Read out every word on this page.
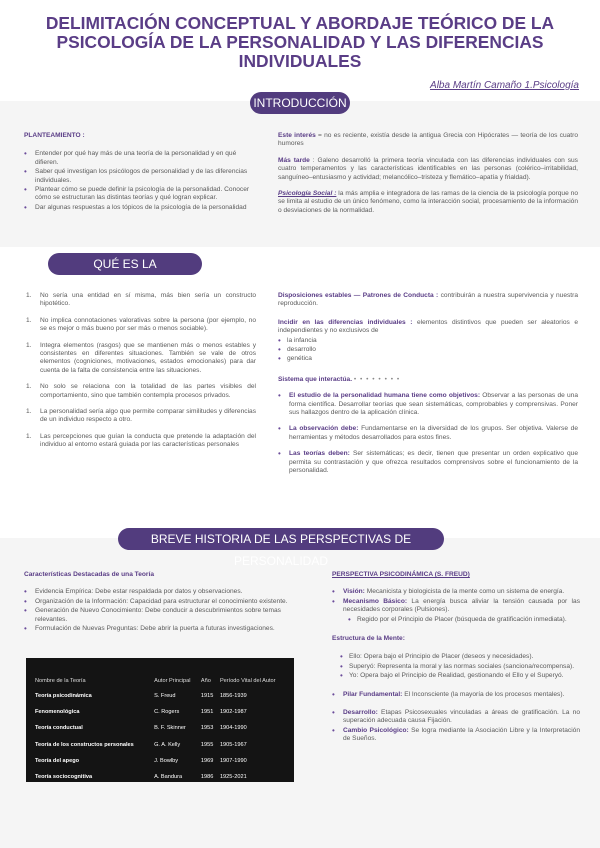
DELIMITACIÓN CONCEPTUAL Y ABORDAJE TEÓRICO DE LA PSICOLOGÍA DE LA PERSONALIDAD Y LAS DIFERENCIAS INDIVIDUALES
Alba Martín Camaño 1.Psicología
INTRODUCCIÓN
PLANTEAMIENTO :
• Entender por qué hay más de una teoría de la personalidad y en qué difieren.
• Saber qué investigan los psicólogos de personalidad y de las diferencias individuales.
• Plantear cómo se puede definir la psicología de la personalidad. Conocer cómo se estructuran las distintas teorías y qué logran explicar.
• Dar algunas respuestas a los tópicos de la psicología de la personalidad

Este interés = no es reciente, existía desde la antigua Grecia con Hipócrates — teoría de los cuatro humores

Más tarde : Galeno desarrolló la primera teoría vinculada con las diferencias individuales con sus cuatro temperamentos y las características identificables en las personas (colérico–irritabilidad, sanguíneo–entusiasmo y actividad; melancólico–tristeza y flemático–apatía y frialdad).

Psicología Social : la más amplia e integradora de las ramas de la ciencia de la psicología porque no se limita al estudio de un único fenómeno, como la interacción social, procesamiento de la información o desviaciones de la normalidad.

QUÉ ES LA PERSONALIDAD
1. No sería una entidad en sí misma, más bien sería un constructo hipotético.
1. No implica connotaciones valorativas sobre la persona (por ejemplo, no se es mejor o más bueno por ser más o menos sociable).
1. Integra elementos (rasgos) que se mantienen más o menos estables y consistentes en diferentes situaciones. También se vale de otros elementos (cogniciones, motivaciones, estados emocionales) para dar cuenta de la falta de consistencia entre las situaciones.
1. No solo se relaciona con la totalidad de las partes visibles del comportamiento, sino que también contempla procesos privados.
1. La personalidad sería algo que permite comparar similitudes y diferencias de un individuo respecto a otro.
1. Las percepciones que guían la conducta que pretende la adaptación del individuo al entorno estará guiada por las características personales

Disposiciones estables — Patrones de Conducta : contribuirán a nuestra supervivencia y nuestra reproducción.

Incidir en las diferencias individuales : elementos distintivos que pueden ser aleatorios e independientes y no exclusivos de

• la infancia
• desarrollo
• genética

Sistema que interactúa. • • • • • • • •

• El estudio de la personalidad humana tiene como objetivos: Observar a las personas de una forma científica. Desarrollar teorías que sean sistemáticas, comprobables y comprensivas. Poner sus hallazgos dentro de la aplicación clínica.
• La observación debe: Fundamentarse en la diversidad de los grupos. Ser objetiva. Valerse de herramientas y métodos desarrollados para estos fines.
• Las teorías deben: Ser sistemáticas; es decir, tienen que presentar un orden explicativo que permita su contrastación y que ofrezca resultados comprensivos sobre el funcionamiento de la personalidad.
BREVE HISTORIA DE LAS PERSPECTIVAS DE PERSONALIDAD
Características Destacadas de una Teoría
• Evidencia Empírica: Debe estar respaldada por datos y observaciones.
• Organización de la Información: Capacidad para estructurar el conocimiento existente.
• Generación de Nuevo Conocimiento: Debe conducir a descubrimientos sobre temas relevantes.
• Formulación de Nuevas Preguntas: Debe abrir la puerta a futuras investigaciones.
Nombre de la Teoría	Autor Principal	Año	Período Vital del Autor
Teoría psicodinámica	S. Freud	1915	1856-1939
Fenomenológica	C. Rogers	1951	1902-1987
Teoría conductual	B. F. Skinner	1953	1904-1990
Teoría de los constructos personales	G. A. Kelly	1955	1905-1967
Teoría del apego	J. Bowlby	1969	1907-1990
Teoría sociocognitiva	A. Bandura	1986	1925-2021
PERSPECTIVA PSICODINÁMICA (S. FREUD)
• Visión: Mecanicista y biologicista de la mente como un sistema de energía.
• Mecanismo Básico: La energía busca aliviar la tensión causada por las necesidades corporales (Pulsiones).
• Regido por el Principio de Placer (búsqueda de gratificación inmediata).
Estructura de la Mente:
• Ello: Opera bajo el Principio de Placer (deseos y necesidades).
• Superyó: Representa la moral y las normas sociales (sanciona/recompensa).
• Yo: Opera bajo el Principio de Realidad, gestionando el Ello y el Superyó.
• Pilar Fundamental: El Inconsciente (la mayoría de los procesos mentales).
• Desarrollo: Etapas Psicosexuales vinculadas a áreas de gratificación. La no superación adecuada causa Fijación.
• Cambio Psicológico: Se logra mediante la Asociación Libre y la Interpretación de Sueños.
